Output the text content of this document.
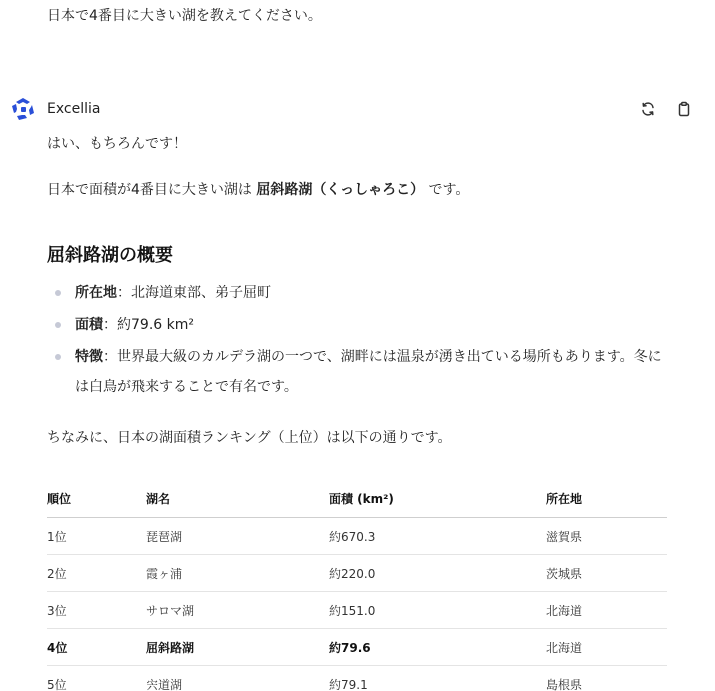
日本で4番目に大きい湖を教えてください。
Excellia
はい、もちろんです！
日本で面積が4番目に大きい湖は 屈斜路湖（くっしゃろこ） です。
屈斜路湖の概要
所在地：北海道東部、弟子屈町
面積：約79.6 km²
特徴：世界最大級のカルデラ湖の一つで、湖畔には温泉が湧き出ている場所もあります。冬には白鳥が飛来することで有名です。
ちなみに、日本の湖面積ランキング（上位）は以下の通りです。
順位	湖名	面積 (km²)	所在地
1位	琵琶湖	約670.3	滋賀県
2位	霞ヶ浦	約220.0	茨城県
3位	サロマ湖	約151.0	北海道
4位	屈斜路湖	約79.6	北海道
5位	宍道湖	約79.1	島根県
